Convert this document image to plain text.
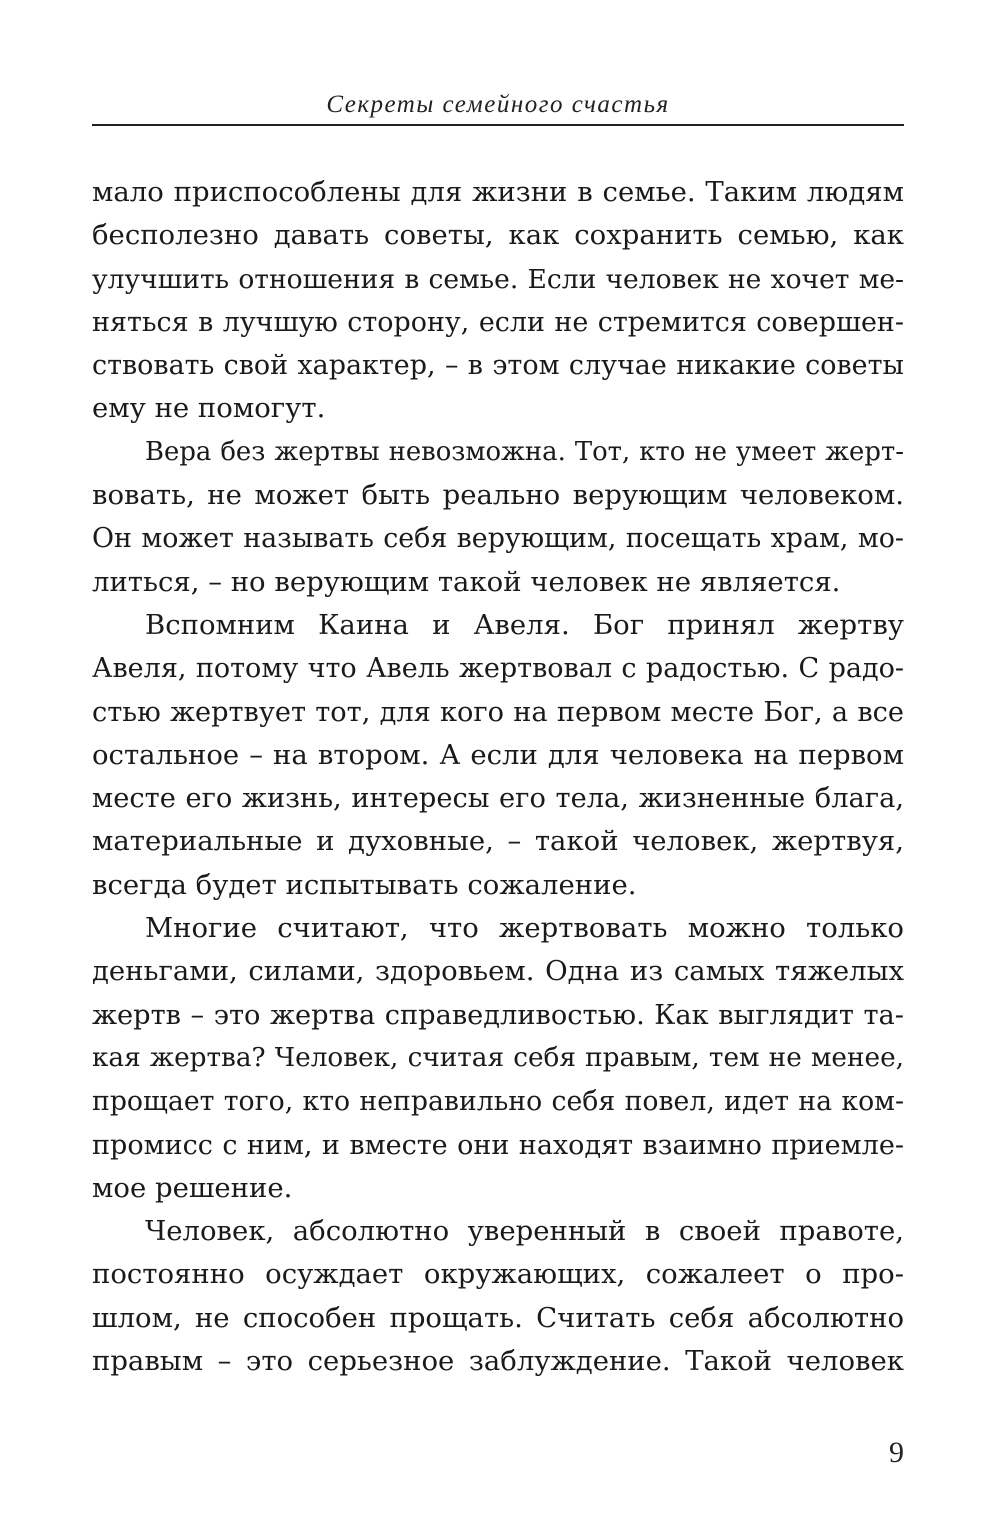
Секреты семейного счастья
мало приспособлены для жизни в семье. Таким людям
бесполезно давать советы, как сохранить семью, как
улучшить отношения в семье. Если человек не хочет ме-
няться в лучшую сторону, если не стремится совершен-
ствовать свой характер, – в этом случае никакие советы
ему не помогут.
Вера без жертвы невозможна. Тот, кто не умеет жерт-
вовать, не может быть реально верующим человеком.
Он может называть себя верующим, посещать храм, мо-
литься, – но верующим такой человек не является.
Вспомним Каина и Авеля. Бог принял жертву
Авеля, потому что Авель жертвовал с радостью. С радо-
стью жертвует тот, для кого на первом месте Бог, а все
остальное – на втором. А если для человека на первом
месте его жизнь, интересы его тела, жизненные блага,
материальные и духовные, – такой человек, жертвуя,
всегда будет испытывать сожаление.
Многие считают, что жертвовать можно только
деньгами, силами, здоровьем. Одна из самых тяжелых
жертв – это жертва справедливостью. Как выглядит та-
кая жертва? Человек, считая себя правым, тем не менее,
прощает того, кто неправильно себя повел, идет на ком-
промисс с ним, и вместе они находят взаимно приемле-
мое решение.
Человек, абсолютно уверенный в своей правоте,
постоянно осуждает окружающих, сожалеет о про-
шлом, не способен прощать. Считать себя абсолютно
правым – это серьезное заблуждение. Такой человек
9
